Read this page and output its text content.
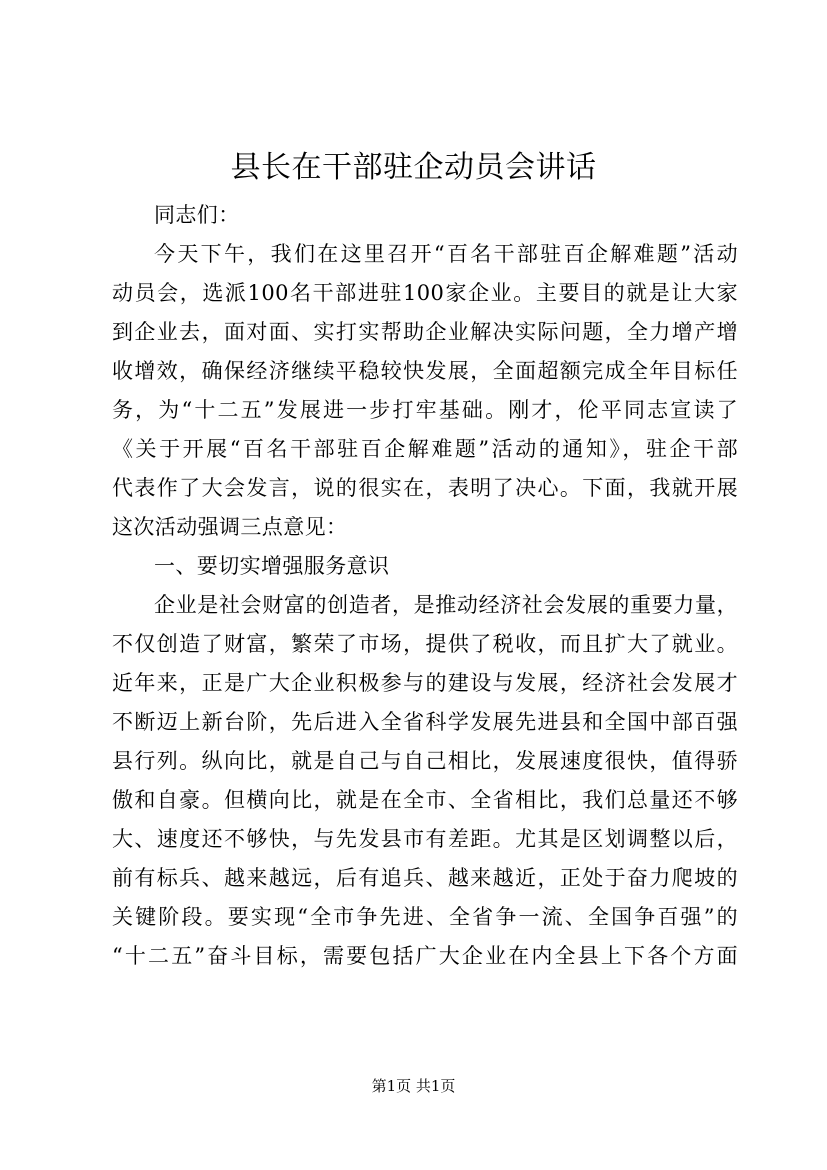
县长在干部驻企动员会讲话
同志们：
今天下午，我们在这里召开“百名干部驻百企解难题”活动
动员会，选派100名干部进驻100家企业。主要目的就是让大家
到企业去，面对面、实打实帮助企业解决实际问题，全力增产增
收增效，确保经济继续平稳较快发展，全面超额完成全年目标任
务，为“十二五”发展进一步打牢基础。刚才，伦平同志宣读了
《关于开展“百名干部驻百企解难题”活动的通知》，驻企干部
代表作了大会发言，说的很实在，表明了决心。下面，我就开展
这次活动强调三点意见：
一、要切实增强服务意识
企业是社会财富的创造者，是推动经济社会发展的重要力量，
不仅创造了财富，繁荣了市场，提供了税收，而且扩大了就业。
近年来，正是广大企业积极参与的建设与发展，经济社会发展才
不断迈上新台阶，先后进入全省科学发展先进县和全国中部百强
县行列。纵向比，就是自己与自己相比，发展速度很快，值得骄
傲和自豪。但横向比，就是在全市、全省相比，我们总量还不够
大、速度还不够快，与先发县市有差距。尤其是区划调整以后，
前有标兵、越来越远，后有追兵、越来越近，正处于奋力爬坡的
关键阶段。要实现“全市争先进、全省争一流、全国争百强”的
“十二五”奋斗目标，需要包括广大企业在内全县上下各个方面
第1页 共1页
